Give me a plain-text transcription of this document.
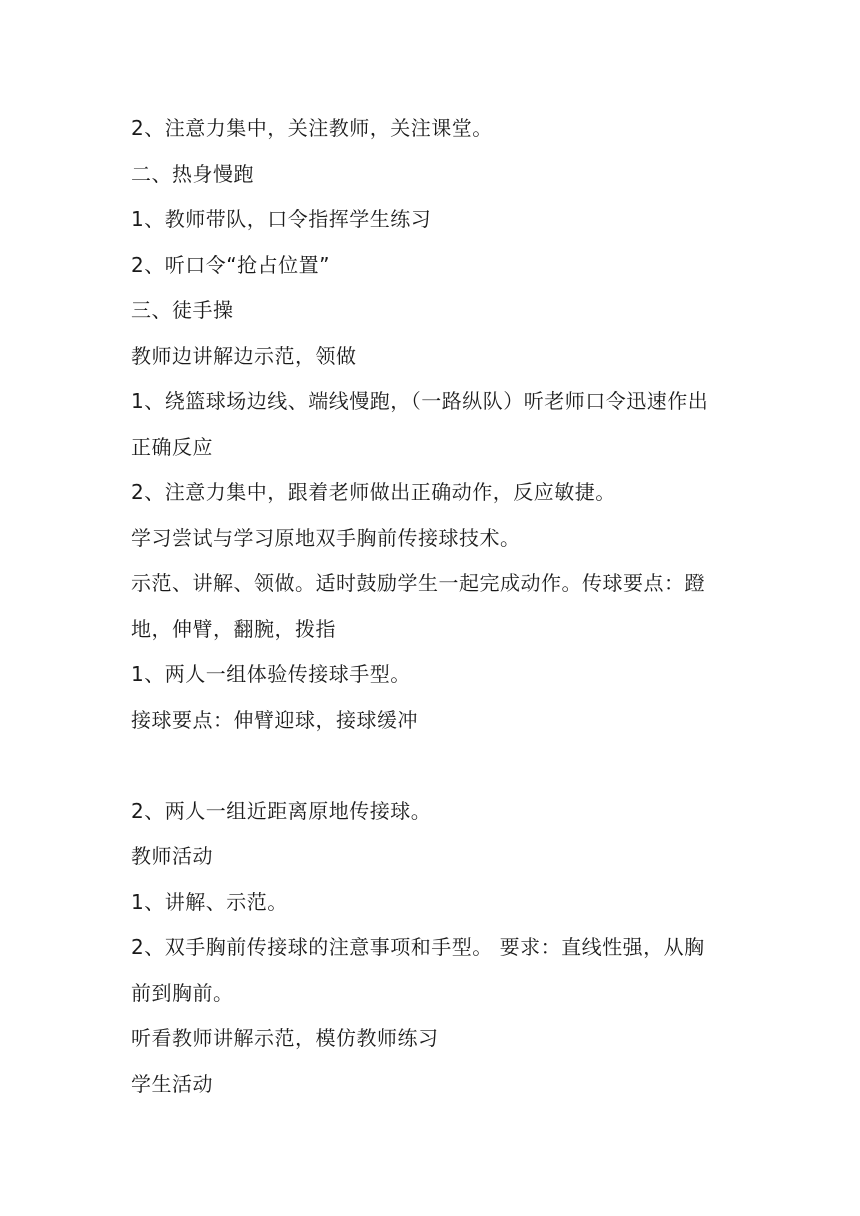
2、注意力集中，关注教师，关注课堂。

二、热身慢跑

1、教师带队，口令指挥学生练习

2、听口令“抢占位置”

三、徒手操

教师边讲解边示范，领做

1、绕篮球场边线、端线慢跑，（一路纵队）听老师口令迅速作出

正确反应

2、注意力集中，跟着老师做出正确动作，反应敏捷。

学习尝试与学习原地双手胸前传接球技术。

示范、讲解、领做。适时鼓励学生一起完成动作。传球要点：蹬

地，伸臂，翻腕，拨指

1、两人一组体验传接球手型。

接球要点：伸臂迎球，接球缓冲

2、两人一组近距离原地传接球。

教师活动

1、讲解、示范。

2、双手胸前传接球的注意事项和手型。 要求：直线性强，从胸

前到胸前。

听看教师讲解示范，模仿教师练习

学生活动
